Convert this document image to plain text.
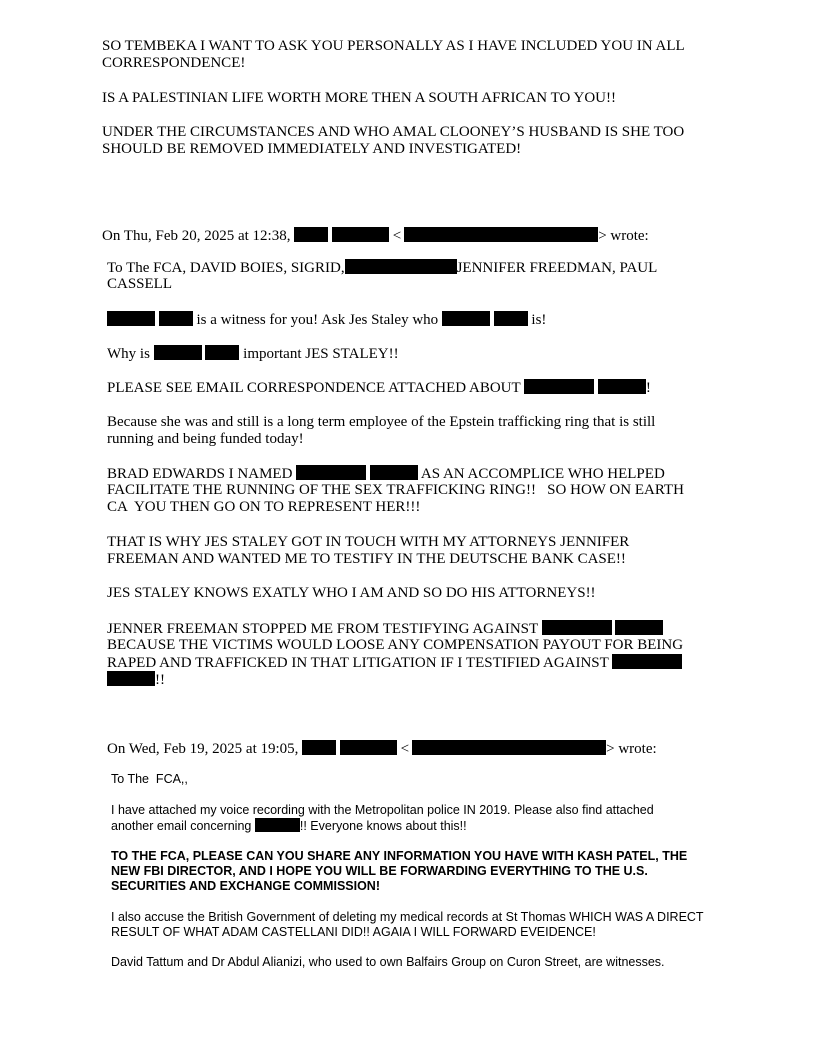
SO TEMBEKA I WANT TO ASK YOU PERSONALLY AS I HAVE INCLUDED YOU IN ALL CORRESPONDENCE!

IS A PALESTINIAN LIFE WORTH MORE THEN A SOUTH AFRICAN TO YOU!!

UNDER THE CIRCUMSTANCES AND WHO AMAL CLOONEY’S HUSBAND IS SHE TOO SHOULD BE REMOVED IMMEDIATELY AND INVESTIGATED!

On Thu, Feb 20, 2025 at 12:38,	<	> wrote:

To The FCA, DAVID BOIES, SIGRID,	JENNIFER FREEDMAN, PAUL

CASSELL

is a witness for you! Ask Jes Staley who	is!

Why is	important JES STALEY!!

PLEASE SEE EMAIL CORRESPONDENCE ATTACHED ABOUT	!

Because she was and still is a long term employee of the Epstein trafficking ring that is still running and being funded today!

BRAD EDWARDS I NAMED	AS AN ACCOMPLICE WHO HELPED

FACILITATE THE RUNNING OF THE SEX TRAFFICKING RING!!   SO HOW ON EARTH

CA  YOU THEN GO ON TO REPRESENT HER!!!

THAT IS WHY JES STALEY GOT IN TOUCH WITH MY ATTORNEYS JENNIFER FREEMAN AND WANTED ME TO TESTIFY IN THE DEUTSCHE BANK CASE!!

JES STALEY KNOWS EXATLY WHO I AM AND SO DO HIS ATTORNEYS!!

JENNER FREEMAN STOPPED ME FROM TESTIFYING AGAINST

BECAUSE THE VICTIMS WOULD LOOSE ANY COMPENSATION PAYOUT FOR BEING

RAPED AND TRAFFICKED IN THAT LITIGATION IF I TESTIFIED AGAINST

!!

On Wed, Feb 19, 2025 at 19:05,	<	> wrote:

To The  FCA,,

I have attached my voice recording with the Metropolitan police IN 2019. Please also find attached

another email concerning	!! Everyone knows about this!!

TO THE FCA, PLEASE CAN YOU SHARE ANY INFORMATION YOU HAVE WITH KASH PATEL, THE NEW FBI DIRECTOR, AND I HOPE YOU WILL BE FORWARDING EVERYTHING TO THE U.S. SECURITIES AND EXCHANGE COMMISSION!

I also accuse the British Government of deleting my medical records at St Thomas WHICH WAS A DIRECT RESULT OF WHAT ADAM CASTELLANI DID!! AGAIA I WILL FORWARD EVEIDENCE!

David Tattum and Dr Abdul Alianizi, who used to own Balfairs Group on Curon Street, are witnesses.
